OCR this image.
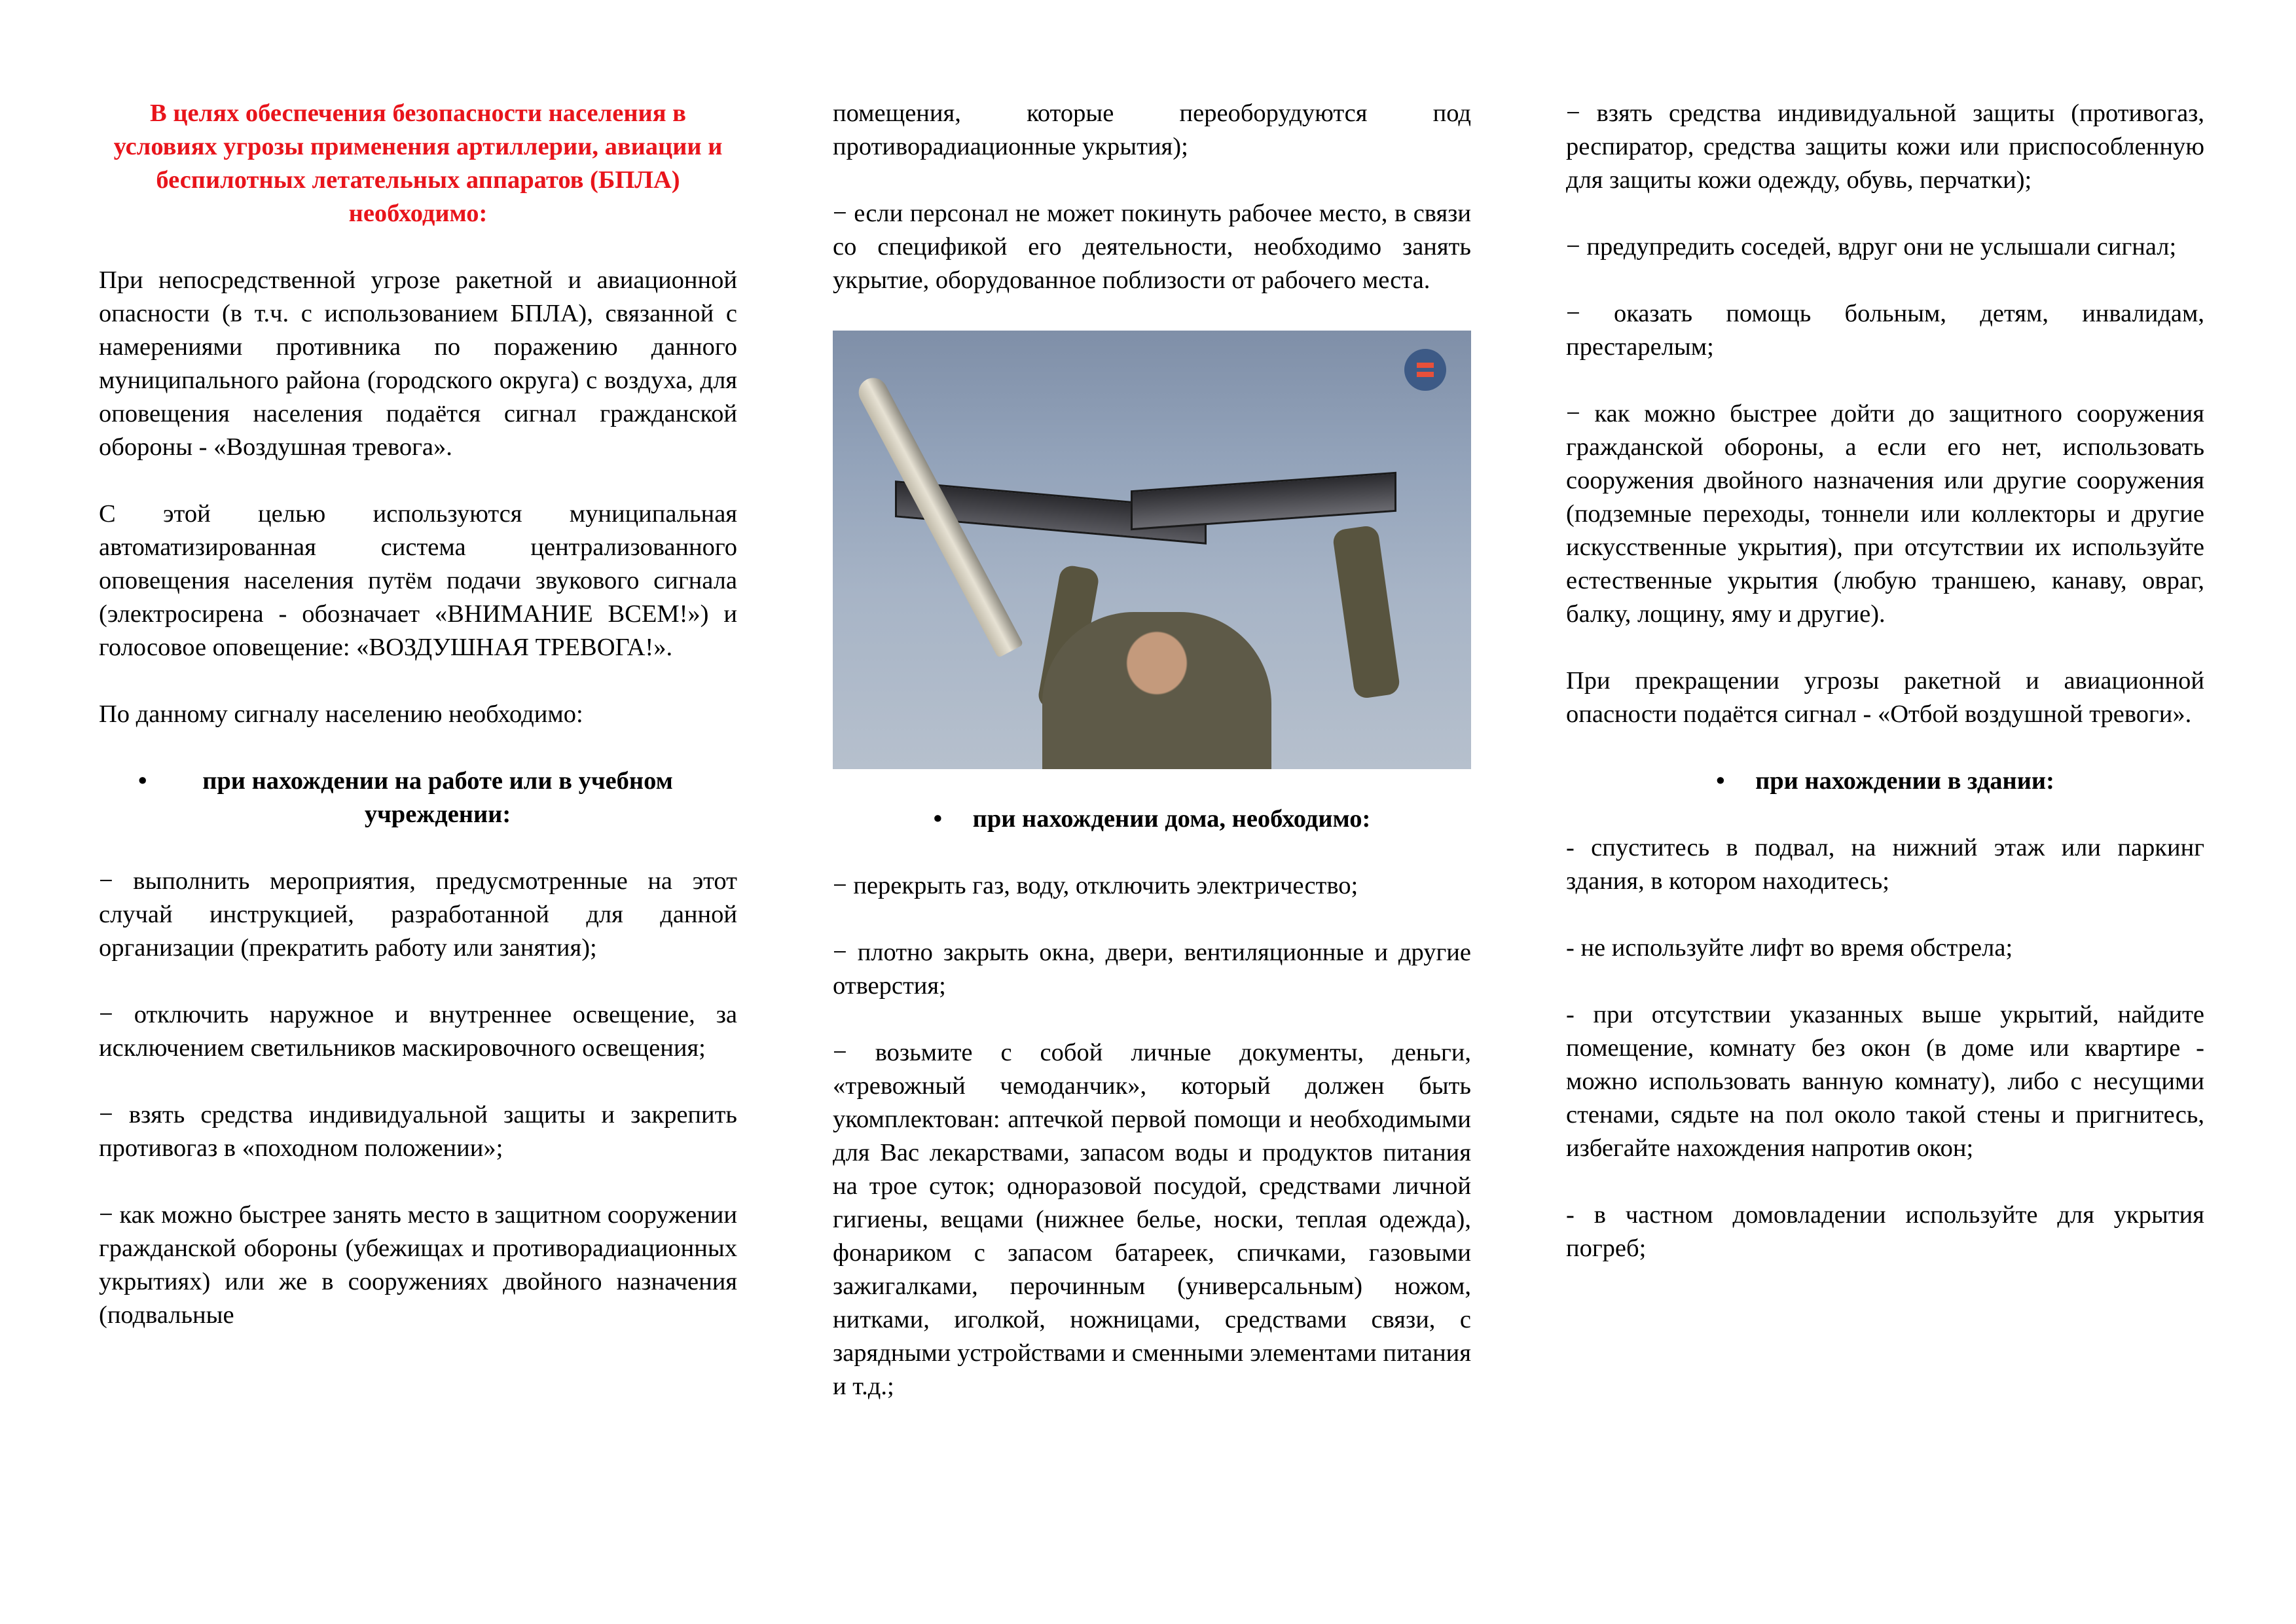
В целях обеспечения безопасности населения в условиях угрозы применения артиллерии, авиации и беспилотных летательных аппаратов (БПЛА) необходимо:

При непосредственной угрозе ракетной и авиационной опасности (в т.ч. с использованием БПЛА), связанной с намерениями противника по поражению данного муниципального района (городского округа) с воздуха, для оповещения населения подаётся сигнал гражданской обороны - «Воздушная тревога».

С этой целью используются муниципальная автоматизированная система централизованного оповещения населения путём подачи звукового сигнала (электросирена - обозначает «ВНИМАНИЕ ВСЕМ!») и голосовое оповещение: «ВОЗДУШНАЯ ТРЕВОГА!».

По данному сигналу населению необходимо:

•	при нахождении на работе или в учебном учреждении:

− выполнить мероприятия, предусмотренные на этот случай инструкцией, разработанной для данной организации (прекратить работу или занятия);

− отключить наружное и внутреннее освещение, за исключением светильников маскировочного освещения;

− взять средства индивидуальной защиты и закрепить противогаз в «походном положении»;

− как можно быстрее занять место в защитном сооружении гражданской обороны (убежищах и противорадиационных укрытиях) или же в сооружениях двойного назначения (подвальные

помещения, которые переоборудуются под противорадиационные укрытия);

− если персонал не может покинуть рабочее место, в связи со спецификой его деятельности, необходимо занять укрытие, оборудованное поблизости от рабочего места.

•	при нахождении дома, необходимо:

− перекрыть газ, воду, отключить электричество;

− плотно закрыть окна, двери, вентиляционные и другие отверстия;

− возьмите с собой личные документы, деньги, «тревожный чемоданчик», который должен быть укомплектован: аптечкой первой помощи и необходимыми для Вас лекарствами, запасом воды и продуктов питания на трое суток; одноразовой посудой, средствами личной гигиены, вещами (нижнее белье, носки, теплая одежда), фонариком с запасом батареек, спичками, газовыми зажигалками, перочинным (универсальным) ножом, нитками, иголкой, ножницами, средствами связи, с зарядными устройствами и сменными элементами питания и т.д.;

− взять средства индивидуальной защиты (противогаз, респиратор, средства защиты кожи или приспособленную для защиты кожи одежду, обувь, перчатки);

− предупредить соседей, вдруг они не услышали сигнал;

− оказать помощь больным, детям, инвалидам, престарелым;

− как можно быстрее дойти до защитного сооружения гражданской обороны, а если его нет, использовать сооружения двойного назначения или другие сооружения (подземные переходы, тоннели или коллекторы и другие искусственные укрытия), при отсутствии их используйте естественные укрытия (любую траншею, канаву, овраг, балку, лощину, яму и другие).

При прекращении угрозы ракетной и авиационной опасности подаётся сигнал - «Отбой воздушной тревоги».

•	при нахождении в здании:

- спуститесь в подвал, на нижний этаж или паркинг здания, в котором находитесь;

- не используйте лифт во время обстрела;

- при отсутствии указанных выше укрытий, найдите помещение, комнату без окон (в доме или квартире - можно использовать ванную комнату), либо с несущими стенами, сядьте на пол около такой стены и пригнитесь, избегайте нахождения напротив окон;

- в частном домовладении используйте для укрытия погреб;
